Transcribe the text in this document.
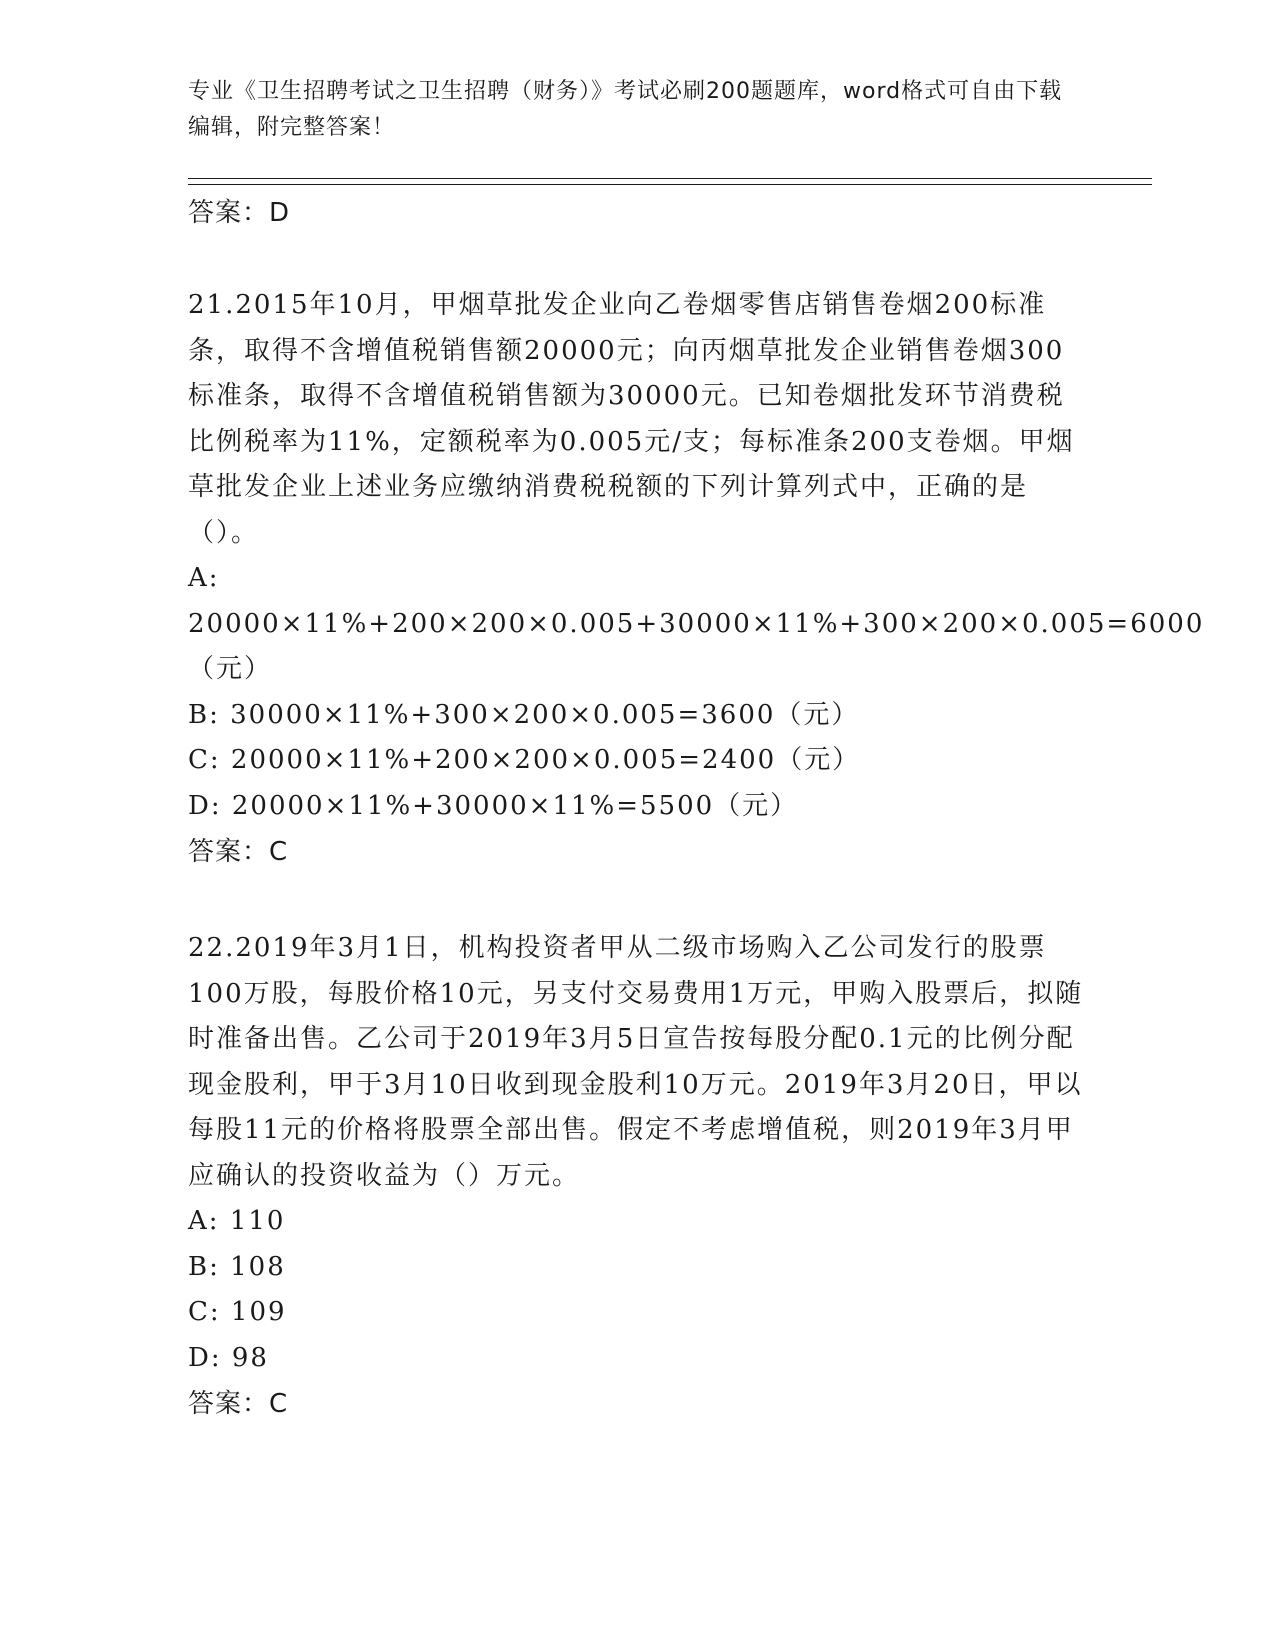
专业《卫生招聘考试之卫生招聘（财务）》考试必刷200题题库，word格式可自由下载编辑，附完整答案！
答案：D

21.2015年10月，甲烟草批发企业向乙卷烟零售店销售卷烟200标准条，取得不含增值税销售额20000元；向丙烟草批发企业销售卷烟300标准条，取得不含增值税销售额为30000元。已知卷烟批发环节消费税比例税率为11%，定额税率为0.005元/支；每标准条200支卷烟。甲烟草批发企业上述业务应缴纳消费税税额的下列计算列式中，正确的是（）。

A: 20000×11%+200×200×0.005+30000×11%+300×200×0.005=6000（元）

B: 30000×11%+300×200×0.005=3600（元）

C: 20000×11%+200×200×0.005=2400（元）

D: 20000×11%+30000×11%=5500（元）

答案：C

22.2019年3月1日，机构投资者甲从二级市场购入乙公司发行的股票100万股，每股价格10元，另支付交易费用1万元，甲购入股票后，拟随时准备出售。乙公司于2019年3月5日宣告按每股分配0.1元的比例分配现金股利，甲于3月10日收到现金股利10万元。2019年3月20日，甲以每股11元的价格将股票全部出售。假定不考虑增值税，则2019年3月甲应确认的投资收益为（）万元。

A: 110

B: 108

C: 109

D: 98

答案：C
